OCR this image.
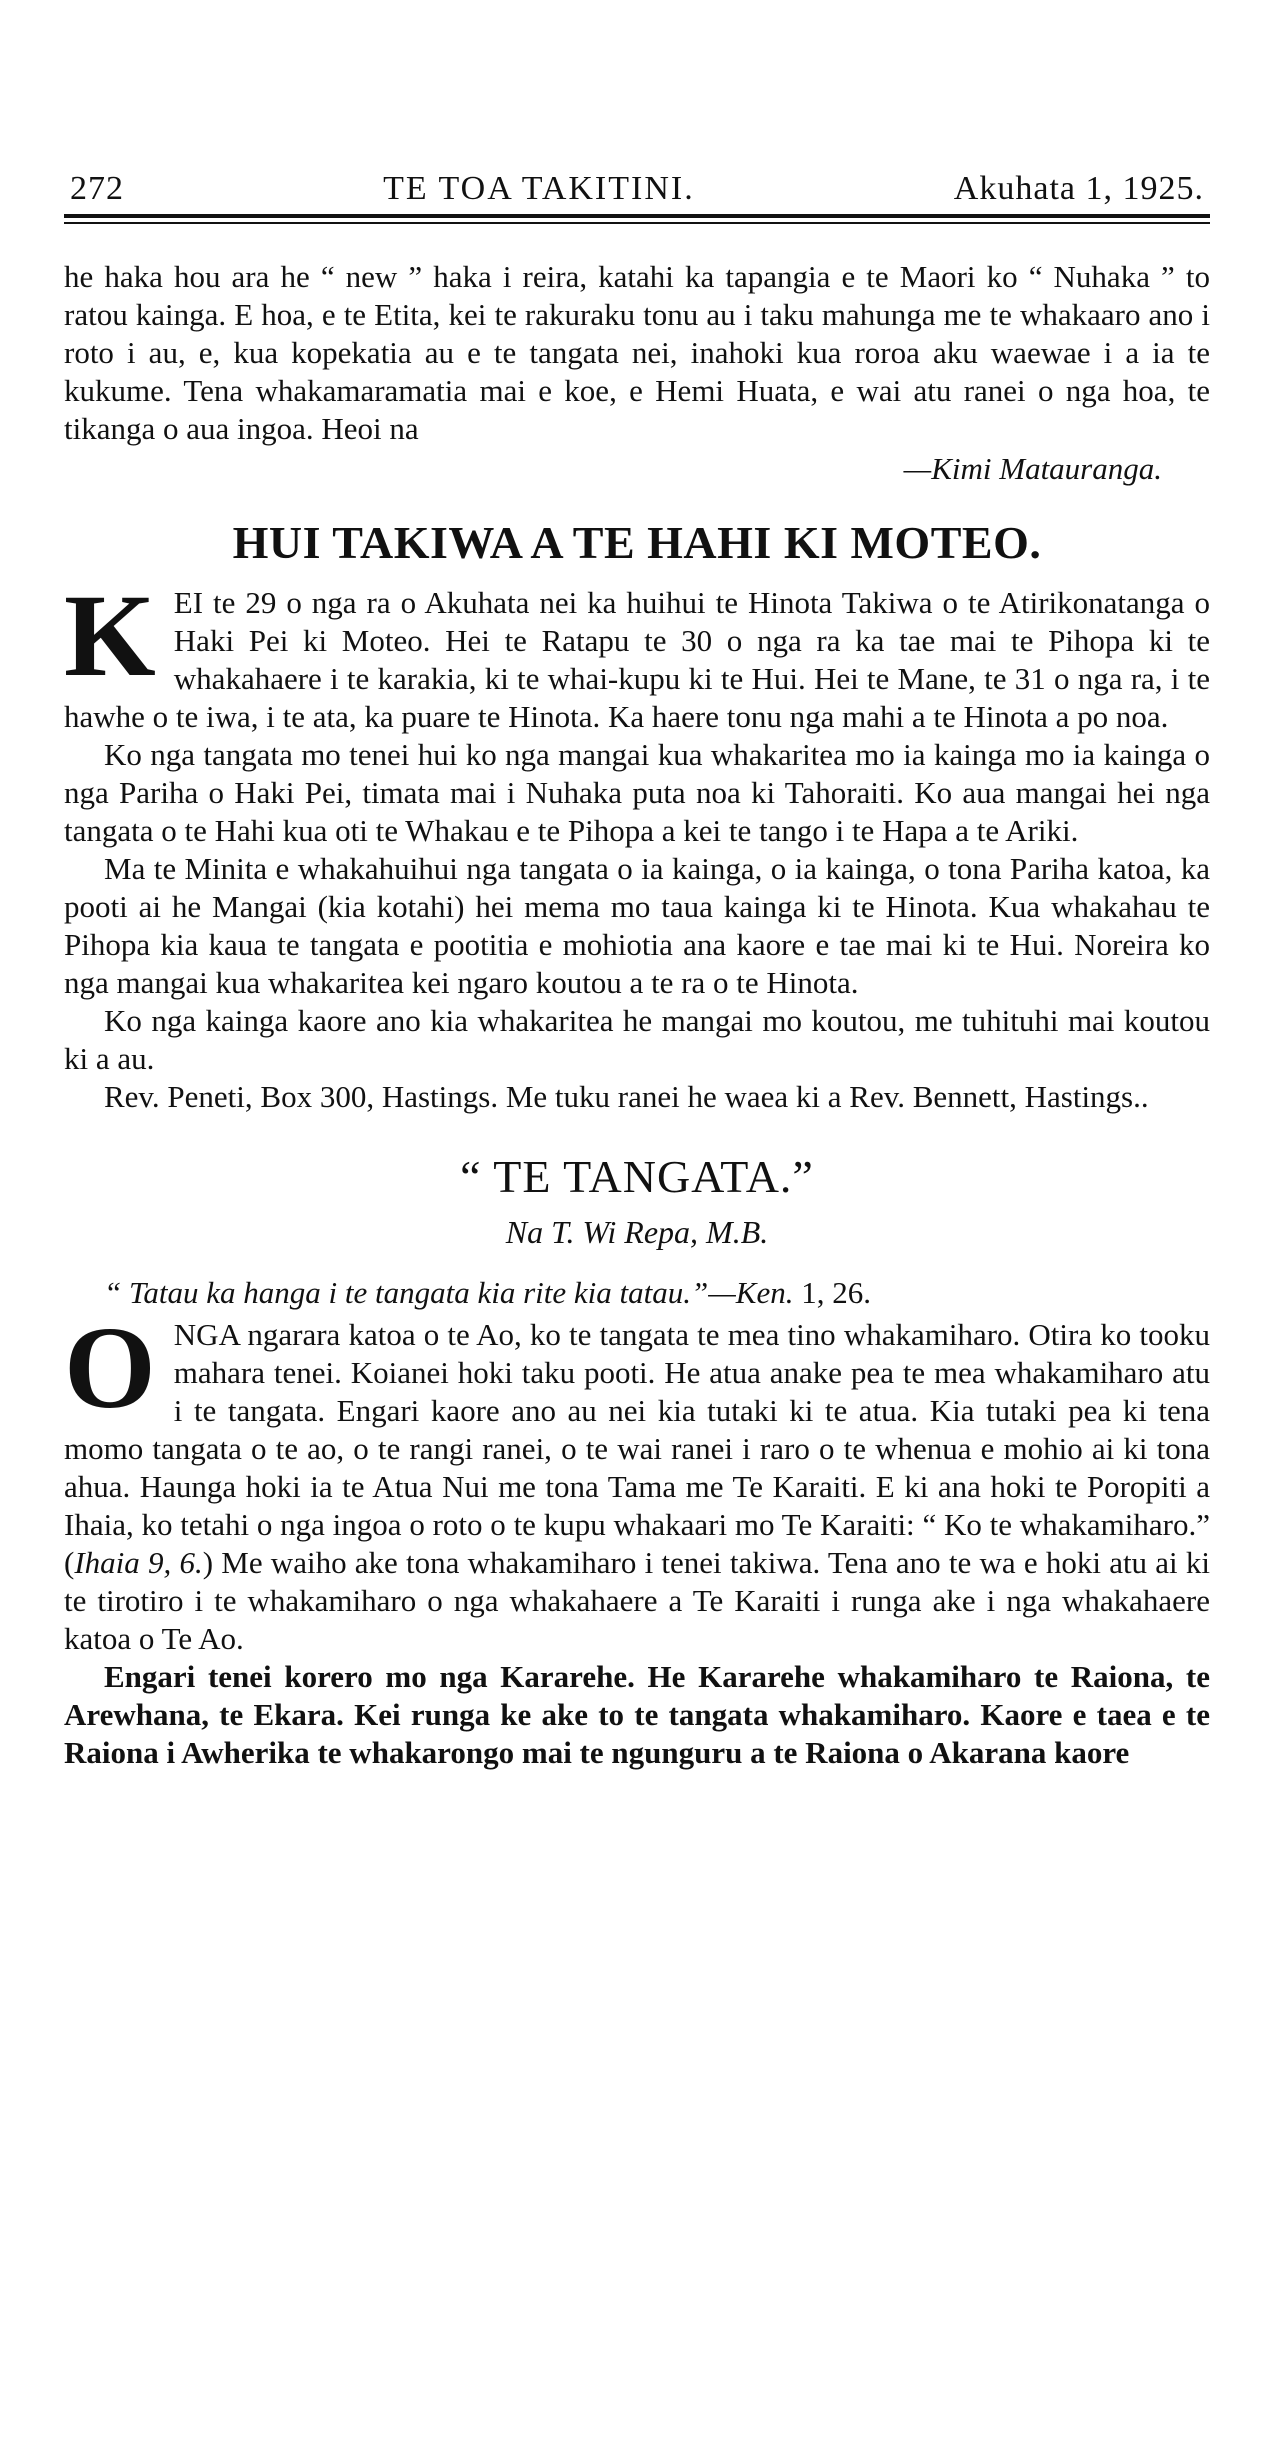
272	TE TOA TAKITINI.	Akuhata 1, 1925.

he haka hou ara he “ new ” haka i reira, katahi ka tapangia e te Maori ko “ Nuhaka ” to ratou kainga. E hoa, e te Etita, kei te rakuraku tonu au i taku mahunga me te whakaaro ano i roto i au, e, kua kopekatia au e te tangata nei, inahoki kua roroa aku waewae i a ia te kukume. Tena whakamaramatia mai e koe, e Hemi Huata, e wai atu ranei o nga hoa, te tikanga o aua ingoa. Heoi na

—Kimi Matauranga.

HUI TAKIWA A TE HAHI KI MOTEO.

KEI te 29 o nga ra o Akuhata nei ka huihui te Hinota Takiwa o te Atirikonatanga o Haki Pei ki Moteo. Hei te Ratapu te 30 o nga ra ka tae mai te Pihopa ki te whakahaere i te karakia, ki te whai-kupu ki te Hui. Hei te Mane, te 31 o nga ra, i te hawhe o te iwa, i te ata, ka puare te Hinota. Ka haere tonu nga mahi a te Hinota a po noa.

Ko nga tangata mo tenei hui ko nga mangai kua whakaritea mo ia kainga mo ia kainga o nga Pariha o Haki Pei, timata mai i Nuhaka puta noa ki Tahoraiti. Ko aua mangai hei nga tangata o te Hahi kua oti te Whakau e te Pihopa a kei te tango i te Hapa a te Ariki.

Ma te Minita e whakahuihui nga tangata o ia kainga, o ia kainga, o tona Pariha katoa, ka pooti ai he Mangai (kia kotahi) hei mema mo taua kainga ki te Hinota. Kua whakahau te Pihopa kia kaua te tangata e pootitia e mohiotia ana kaore e tae mai ki te Hui. Noreira ko nga mangai kua whakaritea kei ngaro koutou a te ra o te Hinota.

Ko nga kainga kaore ano kia whakaritea he mangai mo koutou, me tuhituhi mai koutou ki a au.

Rev. Peneti, Box 300, Hastings. Me tuku ranei he waea ki a Rev. Bennett, Hastings..

“ TE TANGATA.”
Na T. Wi Repa, M.B.

“ Tatau ka hanga i te tangata kia rite kia tatau.”—Ken. 1, 26.

ONGA ngarara katoa o te Ao, ko te tangata te mea tino whakamiharo. Otira ko tooku mahara tenei. Koianei hoki taku pooti. He atua anake pea te mea whakamiharo atu i te tangata. Engari kaore ano au nei kia tutaki ki te atua. Kia tutaki pea ki tena momo tangata o te ao, o te rangi ranei, o te wai ranei i raro o te whenua e mohio ai ki tona ahua. Haunga hoki ia te Atua Nui me tona Tama me Te Karaiti. E ki ana hoki te Poropiti a Ihaia, ko tetahi o nga ingoa o roto o te kupu whakaari mo Te Karaiti: “ Ko te whakamiharo.” (Ihaia 9, 6.) Me waiho ake tona whakamiharo i tenei takiwa. Tena ano te wa e hoki atu ai ki te tirotiro i te whakamiharo o nga whakahaere a Te Karaiti i runga ake i nga whakahaere katoa o Te Ao.

Engari tenei korero mo nga Kararehe. He Kararehe whakamiharo te Raiona, te Arewhana, te Ekara. Kei runga ke ake to te tangata whakamiharo. Kaore e taea e te Raiona i Awherika te whakarongo mai te ngunguru a te Raiona o Akarana kaore
